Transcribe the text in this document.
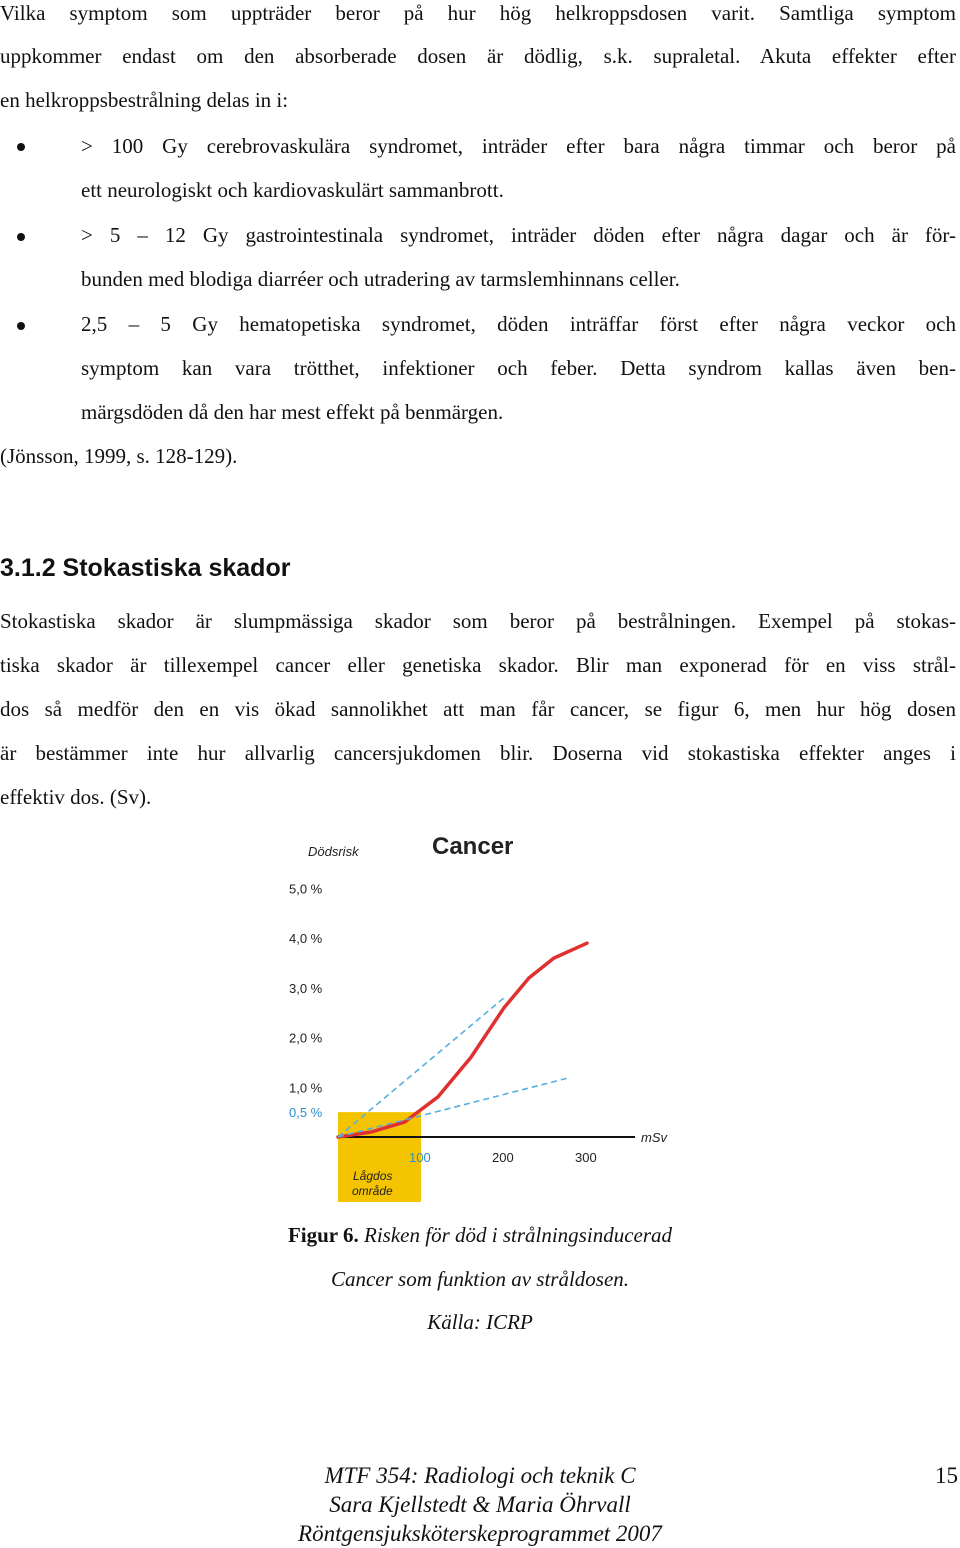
Vilka symptom som uppträder beror på hur hög helkroppsdosen varit. Samtliga symptom
uppkommer endast om den absorberade dosen är dödlig, s.k. supraletal. Akuta effekter efter
en helkroppsbestrålning delas in i:
> 100 Gy cerebrovaskulära syndromet, inträder efter bara några timmar och beror på
ett neurologiskt och kardiovaskulärt sammanbrott.
> 5 – 12 Gy gastrointestinala syndromet, inträder döden efter några dagar och är för-
bunden med blodiga diarréer och utradering av tarmslemhinnans celler.
2,5 – 5 Gy hematopetiska syndromet, döden inträffar först efter några veckor och
symptom kan vara trötthet, infektioner och feber. Detta syndrom kallas även ben-
märgsdöden då den har mest effekt på benmärgen.
(Jönsson, 1999, s. 128-129).
3.1.2 Stokastiska skador
Stokastiska skador är slumpmässiga skador som beror på bestrålningen. Exempel på stokas-
tiska skador är tillexempel cancer eller genetiska skador. Blir man exponerad för en viss strål-
dos så medför den en vis ökad sannolikhet att man får cancer, se figur 6, men hur hög dosen
är bestämmer inte hur allvarlig cancersjukdomen blir. Doserna vid stokastiska effekter anges i
effektiv dos. (Sv).
Cancer
Dödsrisk
5,0 %
4,0 %
3,0 %
2,0 %
1,0 %
0,5 %
mSv
100	200	300
Lågdos
område
Figur 6. Risken för död i strålningsinducerad
Cancer som funktion av stråldosen.
Källa: ICRP
MTF 354: Radiologi och teknik C
Sara Kjellstedt & Maria Öhrvall
Röntgensjuksköterskeprogrammet 2007
15
